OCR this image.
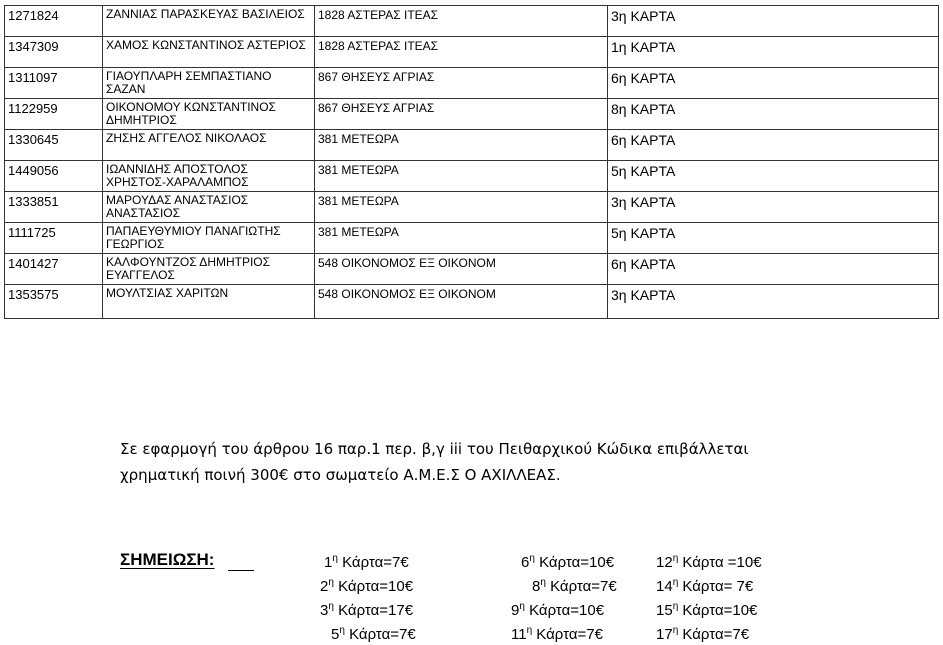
1271824	ΖΑΝΝΙΑΣ ΠΑΡΑΣΚΕΥΑΣ ΒΑΣΙΛΕΙΟΣ	1828 ΑΣΤΕΡΑΣ ΙΤΕΑΣ	3η ΚΑΡΤΑ
1347309	ΧΑΜΟΣ ΚΩΝΣΤΑΝΤΙΝΟΣ ΑΣΤΕΡΙΟΣ	1828 ΑΣΤΕΡΑΣ ΙΤΕΑΣ	1η ΚΑΡΤΑ
1311097	ΓΙΑΟΥΠΛΑΡΗ ΣΕΜΠΑΣΤΙΑΝΟ ΣΑΖΑΝ	867 ΘΗΣΕΥΣ ΑΓΡΙΑΣ	6η ΚΑΡΤΑ
1122959	ΟΙΚΟΝΟΜΟΥ ΚΩΝΣΤΑΝΤΙΝΟΣ ΔΗΜΗΤΡΙΟΣ	867 ΘΗΣΕΥΣ ΑΓΡΙΑΣ	8η ΚΑΡΤΑ
1330645	ΖΗΣΗΣ ΑΓΓΕΛΟΣ ΝΙΚΟΛΑΟΣ	381 ΜΕΤΕΩΡΑ	6η ΚΑΡΤΑ
1449056	ΙΩΑΝΝΙΔΗΣ ΑΠΟΣΤΟΛΟΣ ΧΡΗΣΤΟΣ-ΧΑΡΑΛΑΜΠΟΣ	381 ΜΕΤΕΩΡΑ	5η ΚΑΡΤΑ
1333851	ΜΑΡΟΥΔΑΣ ΑΝΑΣΤΑΣΙΟΣ ΑΝΑΣΤΑΣΙΟΣ	381 ΜΕΤΕΩΡΑ	3η ΚΑΡΤΑ
1111725	ΠΑΠΑΕΥΘΥΜΙΟΥ ΠΑΝΑΓΙΩΤΗΣ ΓΕΩΡΓΙΟΣ	381 ΜΕΤΕΩΡΑ	5η ΚΑΡΤΑ
1401427	ΚΑΛΦΟΥΝΤΖΟΣ ΔΗΜΗΤΡΙΟΣ ΕΥΑΓΓΕΛΟΣ	548 ΟΙΚΟΝΟΜΟΣ ΕΞ ΟΙΚΟΝΟΜ	6η ΚΑΡΤΑ
1353575	ΜΟΥΛΤΣΙΑΣ ΧΑΡΙΤΩΝ	548 ΟΙΚΟΝΟΜΟΣ ΕΞ ΟΙΚΟΝΟΜ	3η ΚΑΡΤΑ
Σε εφαρμογή του άρθρου 16 παρ.1 περ. β,γ iii του Πειθαρχικού Κώδικα επιβάλλεται
χρηματική ποινή 300€ στο σωματείο Α.Μ.Ε.Σ Ο ΑΧΙΛΛΕΑΣ.
ΣΗΜΕΙΩΣΗ:	$1^\eta$ Κάρτα=7€
$2^\eta$ Κάρτα=10€
$3^\eta$ Κάρτα=17€
$5^\eta$ Κάρτα=7€
$6^\eta$ Κάρτα=10€
$8^\eta$ Κάρτα=7€
$9^\eta$ Κάρτα=10€
$11^\eta$ Κάρτα=7€
$12^\eta$ Κάρτα =10€
$14^\eta$ Κάρτα= 7€
$15^\eta$ Κάρτα=10€
$17^\eta$ Κάρτα=7€
